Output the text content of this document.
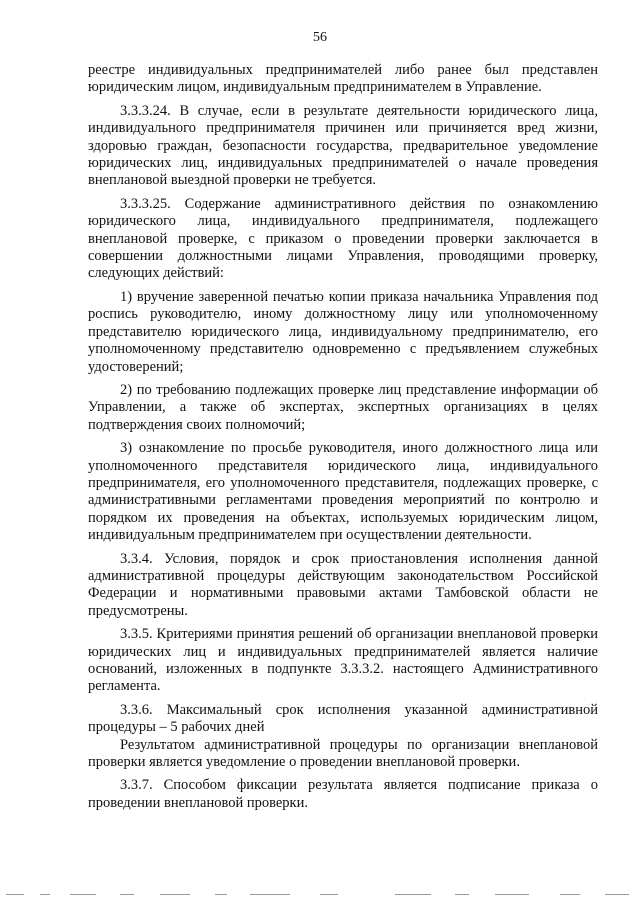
56

реестре индивидуальных предпринимателей либо ранее был представлен юридическим лицом, индивидуальным предпринимателем в Управление.

3.3.3.24. В случае, если в результате деятельности юридического лица, индивидуального предпринимателя причинен или причиняется вред жизни, здоровью граждан, безопасности государства, предварительное уведомление юридических лиц, индивидуальных предпринимателей о начале проведения внеплановой выездной проверки не требуется.

3.3.3.25. Содержание административного действия по ознакомлению юридического лица, индивидуального предпринимателя, подлежащего внеплановой проверке, с приказом о проведении проверки заключается в совершении должностными лицами Управления, проводящими проверку, следующих действий:

1) вручение заверенной печатью копии приказа начальника Управления под роспись руководителю, иному должностному лицу или уполномоченному представителю юридического лица, индивидуальному предпринимателю, его уполномоченному представителю одновременно с предъявлением служебных удостоверений;

2) по требованию подлежащих проверке лиц представление информации об Управлении, а также об экспертах, экспертных организациях в целях подтверждения своих полномочий;

3) ознакомление по просьбе руководителя, иного должностного лица или уполномоченного представителя юридического лица, индивидуального предпринимателя, его уполномоченного представителя, подлежащих проверке, с административными регламентами проведения мероприятий по контролю и порядком их проведения на объектах, используемых юридическим лицом, индивидуальным предпринимателем при осуществлении деятельности.

3.3.4. Условия, порядок и срок приостановления исполнения данной административной процедуры действующим законодательством Российской Федерации и нормативными правовыми актами Тамбовской области не предусмотрены.

3.3.5. Критериями принятия решений об организации внеплановой проверки юридических лиц и индивидуальных предпринимателей является наличие оснований, изложенных в подпункте 3.3.3.2. настоящего Административного регламента.

3.3.6. Максимальный срок исполнения указанной административной процедуры – 5 рабочих дней

Результатом административной процедуры по организации внеплановой проверки является уведомление о проведении внеплановой проверки.

3.3.7. Способом фиксации результата является подписание приказа о проведении внеплановой проверки.
